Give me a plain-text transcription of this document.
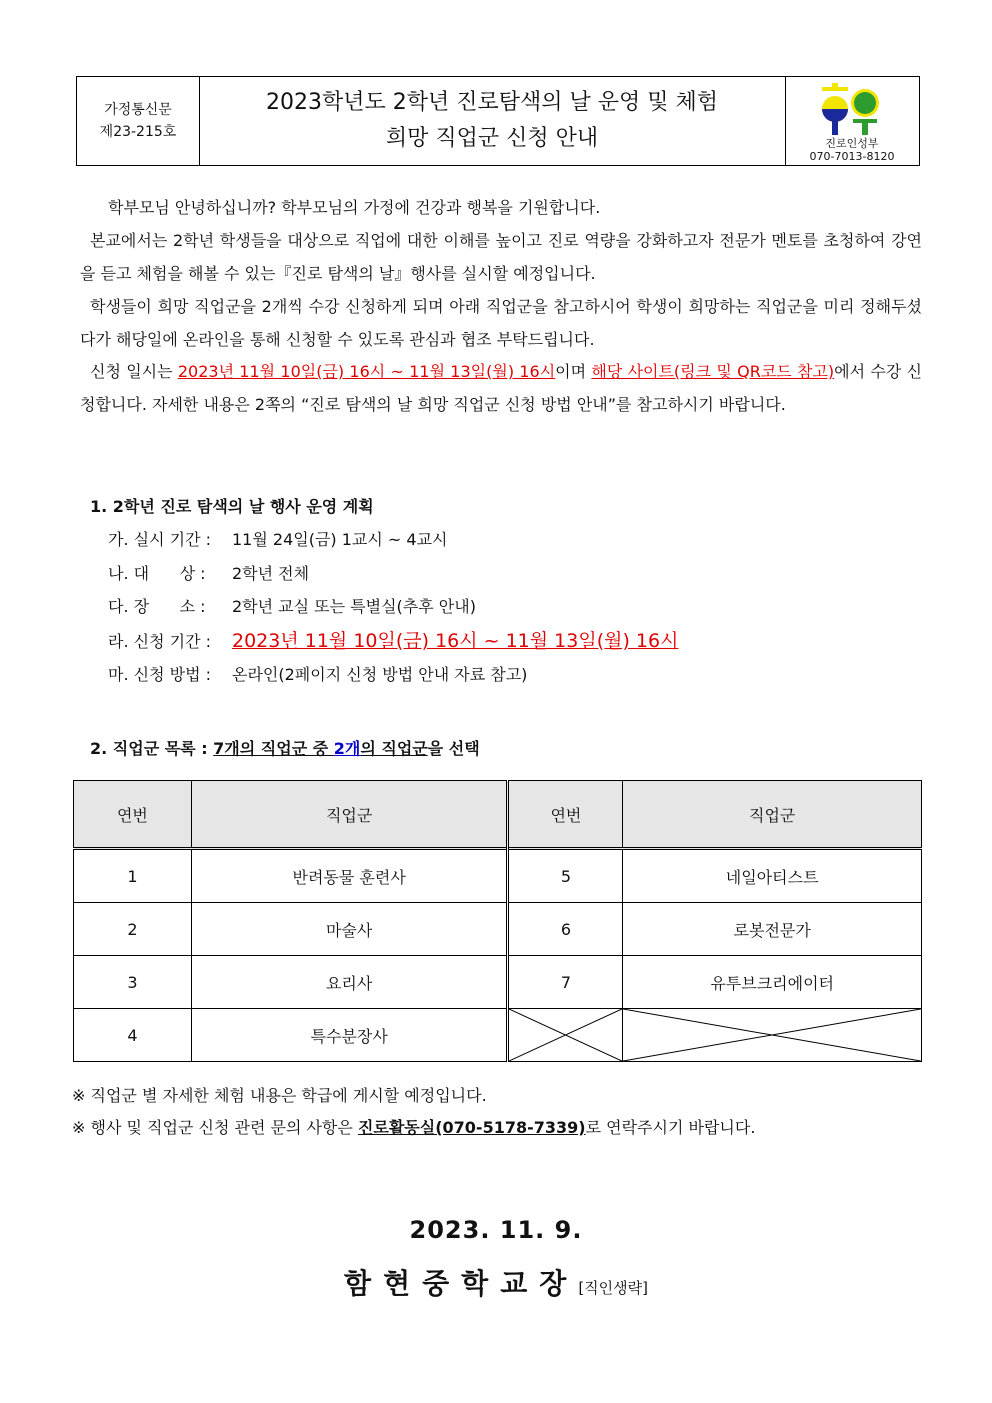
가정통신문
제23-215호
2023학년도 2학년 진로탐색의 날 운영 및 체험
희망 직업군 신청 안내	진로인성부
070-7013-8120
학부모님 안녕하십니까? 학부모님의 가정에 건강과 행복을 기원합니다.
본교에서는 2학년 학생들을 대상으로 직업에 대한 이해를 높이고 진로 역량을 강화하고자 전문가 멘토를 초청하여 강연을 듣고 체험을 해볼 수 있는『진로 탐색의 날』행사를 실시할 예정입니다.
학생들이 희망 직업군을 2개씩 수강 신청하게 되며 아래 직업군을 참고하시어 학생이 희망하는 직업군을 미리 정해두셨다가 해당일에 온라인을 통해 신청할 수 있도록 관심과 협조 부탁드립니다.
신청 일시는 2023년 11월 10일(금) 16시 ~ 11월 13일(월) 16시이며 해당 사이트(링크 및 QR코드 참고)에서 수강 신청합니다. 자세한 내용은 2쪽의 “진로 탐색의 날 희망 직업군 신청 방법 안내”를 참고하시기 바랍니다.
1. 2학년 진로 탐색의 날 행사 운영 계획
가. 실시 기간 : 11월 24일(금) 1교시 ~ 4교시
나. 대      상 : 2학년 전체
다. 장      소 : 2학년 교실 또는 특별실(추후 안내)
라. 신청 기간 : 2023년 11월 10일(금) 16시 ~ 11월 13일(월) 16시
마. 신청 방법 : 온라인(2페이지 신청 방법 안내 자료 참고)
2. 직업군 목록 : 7개의 직업군 중 2개의 직업군을 선택
연번	직업군	연번	직업군
1	반려동물 훈련사	5	네일아티스트
2	마술사	6	로봇전문가
3	요리사	7	유투브크리에이터
4	특수분장사	

※ 직업군 별 자세한 체험 내용은 학급에 게시할 예정입니다.
※ 행사 및 직업군 신청 관련 문의 사항은 진로활동실(070-5178-7339)로 연락주시기 바랍니다.
2023. 11. 9.
함현중학교장[직인생략]
